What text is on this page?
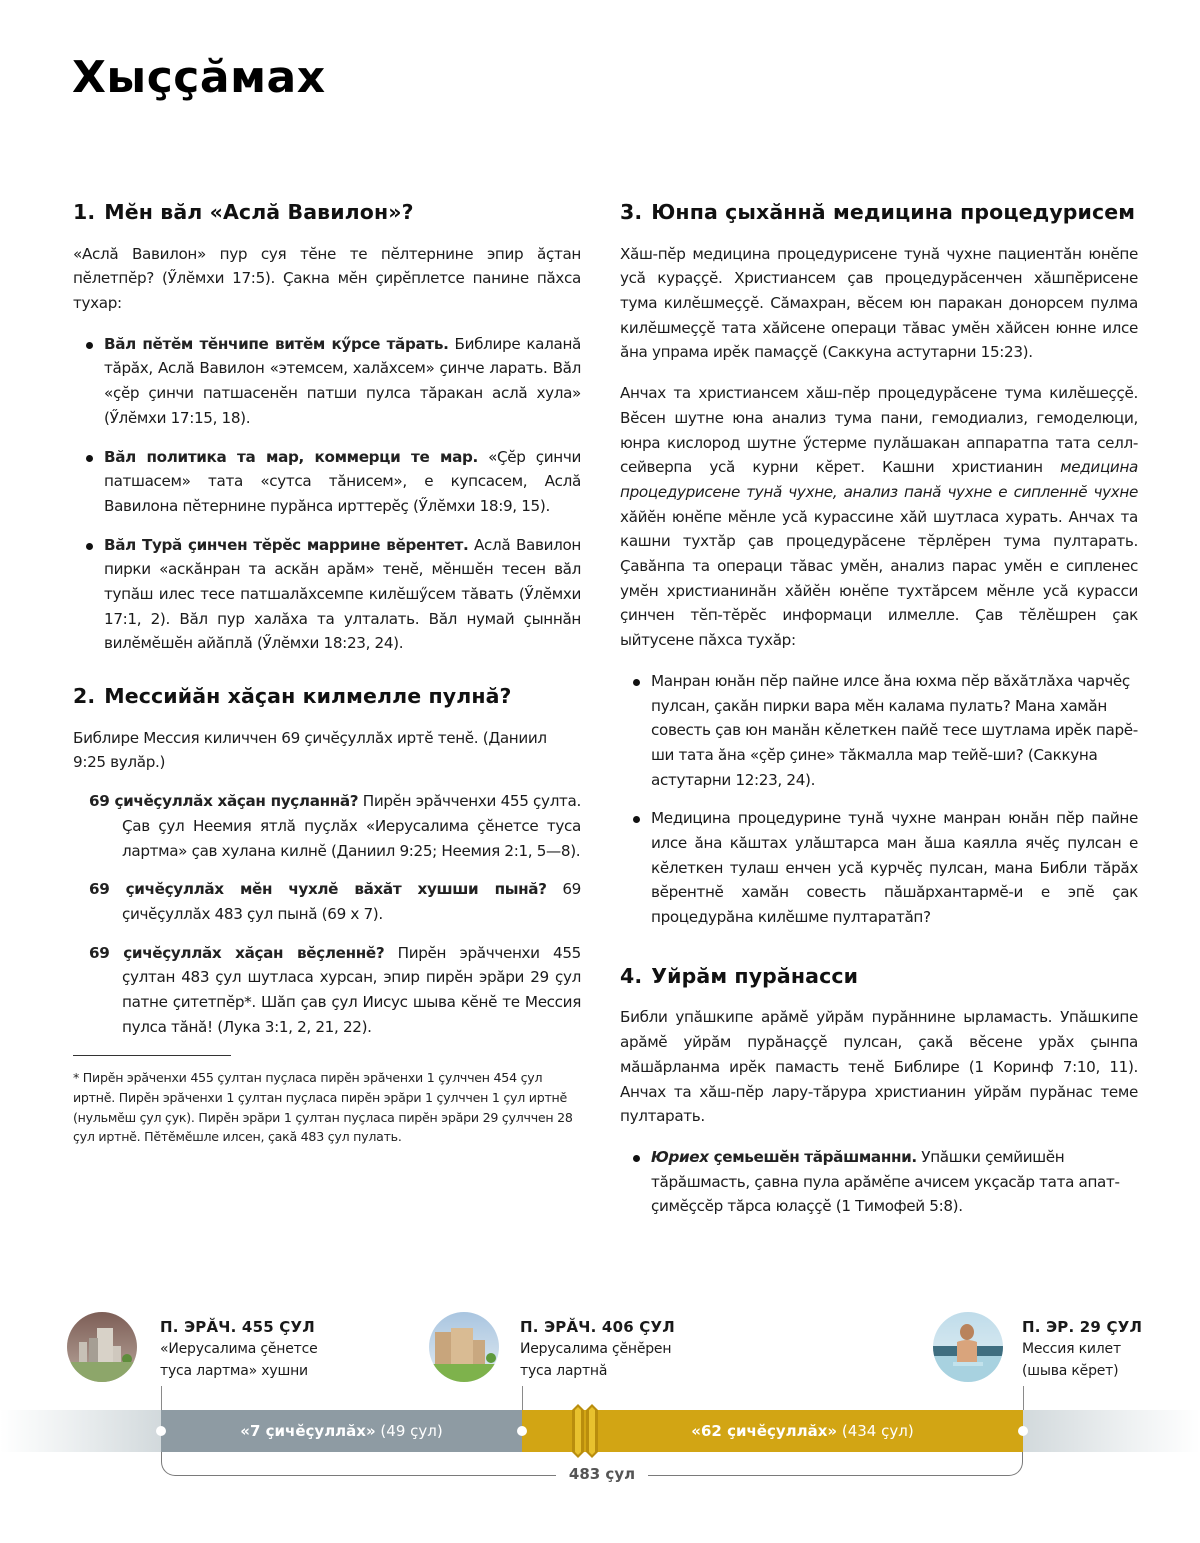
Хыҫҫӑмах
1. Мӗн вӑл «Аслӑ Вавилон»?

«Аслӑ Вавилон» пур суя тӗне те пӗлтернине эпир ӑҫтан пӗлетпӗр? (Ӳлӗмхи 17:5). Ҫакна мӗн ҫирӗплетсе панине пӑхса тухар:

Вӑл пӗтӗм тӗнчипе витӗм кӳрсе тӑрать. Библире каланӑ тӑрӑх, Аслӑ Вавилон «этемсем, халӑхсем» ҫинче ларать. Вӑл «ҫӗр ҫинчи патшасенӗн патши пулса тӑракан аслӑ хула» (Ӳлӗмхи 17:15, 18).
Вӑл политика та мар, коммерци те мар. «Ҫӗр ҫинчи патшасем» тата «сутса тӑнисем», е купсасем, Аслӑ Вавилона пӗтернине пурӑнса ирттерӗҫ (Ӳлӗмхи 18:9, 15).
Вӑл Турӑ ҫинчен тӗрӗс маррине вӗрентет. Аслӑ Вавилон пирки «аскӑнран та аскӑн арӑм» тенӗ, мӗншӗн тесен вӑл тупӑш илес тесе патшалӑхсемпе килӗшӳсем тӑвать (Ӳлӗмхи 17:1, 2). Вӑл пур халӑха та улталать. Вӑл нумай ҫыннӑн вилӗмӗшӗн айӑплӑ (Ӳлӗмхи 18:23, 24).
2. Мессийӑн хӑҫан килмелле пулнӑ?

Библире Мессия киличчен 69 ҫичӗҫуллӑх иртӗ тенӗ. (Даниил 9:25 вулӑр.)

69 ҫичӗҫуллӑх хӑҫан пуҫланнӑ? Пирӗн эрӑчченхи 455 ҫулта. Ҫав ҫул Неемия ятлӑ пуҫлӑх «Иерусалима ҫӗнетсе туса лартма» ҫав хулана килнӗ (Даниил 9:25; Неемия 2:1, 5—8).
69 ҫичӗҫуллӑх мӗн чухлӗ вӑхӑт хушши пынӑ? 69 ҫичӗҫуллӑх 483 ҫул пынӑ (69 x 7).
69 ҫичӗҫуллӑх хӑҫан вӗҫленнӗ? Пирӗн эрӑчченхи 455 ҫултан 483 ҫул шутласа хурсан, эпир пирӗн эрӑри 29 ҫул патне ҫитетпӗр*. Шӑп ҫав ҫул Иисус шыва кӗнӗ те Мессия пулса тӑнӑ! (Лука 3:1, 2, 21, 22).

* Пирӗн эрӑченхи 455 ҫултан пуҫласа пирӗн эрӑченхи 1 ҫулччен 454 ҫул иртнӗ. Пирӗн эрӑченхи 1 ҫултан пуҫласа пирӗн эрӑри 1 ҫулччен 1 ҫул иртнӗ (нульмӗш ҫул ҫук). Пирӗн эрӑри 1 ҫултан пуҫласа пирӗн эрӑри 29 ҫулччен 28 ҫул иртнӗ. Пӗтӗмӗшле илсен, ҫакӑ 483 ҫул пулать.

3. Юнпа ҫыхӑннӑ медицина процедурисем

Хӑш-пӗр медицина процедурисене тунӑ чухне пациентӑн юнӗпе усӑ кураҫҫӗ. Христиансем ҫав процедурӑсенчен хӑшпӗрисене тума килӗшмеҫҫӗ. Сӑмахран, вӗсем юн паракан донорсем пулма килӗшмеҫҫӗ тата хӑйсене операци тӑвас умӗн хӑйсен юнне илсе ӑна упрама ирӗк памаҫҫӗ (Саккуна астутарни 15:23).

Анчах та христиансем хӑш-пӗр процедурӑсене тума килӗшеҫҫӗ. Вӗсен шутне юна анализ тума пани, гемодиализ, гемоделюци, юнра кислород шутне ӳстерме пулӑшакан аппаратпа тата селл-сейверпа усӑ курни кӗрет. Кашни христианин медицина процедурисене тунӑ чухне, анализ панӑ чухне е сипленнӗ чухне хӑйӗн юнӗпе мӗнле усӑ курассине хӑй шутласа хурать. Анчах та кашни тухтӑр ҫав процедурӑсене тӗрлӗрен тума пултарать. Ҫавӑнпа та операци тӑвас умӗн, анализ парас умӗн е сипленес умӗн христианинӑн хӑйӗн юнӗпе тухтӑрсем мӗнле усӑ курасси ҫинчен тӗп-тӗрӗс информаци илмелле. Ҫав тӗлӗшрен ҫак ыйтусене пӑхса тухӑр:

Манран юнӑн пӗр пайне илсе ӑна юхма пӗр вӑхӑтлӑха чарчӗҫ пулсан, ҫакӑн пирки вара мӗн калама пулать? Мана хамӑн совесть ҫав юн манӑн кӗлеткен пайӗ тесе шутлама ирӗк парӗ-ши тата ӑна «ҫӗр ҫине» тӑкмалла мар тейӗ-ши? (Саккуна астутарни 12:23, 24).
Медицина процедурине тунӑ чухне манран юнӑн пӗр пайне илсе ӑна кӑштах улӑштарса ман ӑша каялла ячӗҫ пулсан е кӗлеткен тулаш енчен усӑ курчӗҫ пулсан, мана Библи тӑрӑх вӗрентнӗ хамӑн совесть пӑшӑрхантармӗ-и е эпӗ ҫак процедурӑна килӗшме пултаратӑп?
4. Уйрӑм пурӑнасси

Библи упӑшкипе арӑмӗ уйрӑм пурӑннине ырламасть. Упӑшкипе арӑмӗ уйрӑм пурӑнаҫҫӗ пулсан, ҫакӑ вӗсене урӑх ҫынпа мӑшӑрланма ирӗк памасть тенӗ Библире (1 Коринф 7:10, 11). Анчах та хӑш-пӗр лару-тӑрура христианин уйрӑм пурӑнас теме пултарать.

Юриех ҫемьешӗн тӑрӑшманни. Упӑшки ҫемйишӗн тӑрӑшмасть, ҫавна пула арӑмӗпе ачисем укҫасӑр тата апат-ҫимӗҫсӗр тӑрса юлаҫҫӗ (1 Тимофей 5:8).
П. ЭРӐЧ. 455 ҪУЛ
«Иерусалима ҫӗнетсе
туса лартма» хушни
П. ЭРӐЧ. 406 ҪУЛ
Иерусалима ҫӗнӗрен
туса лартнӑ
П. ЭР. 29 ҪУЛ
Мессия килет
(шыва кӗрет)
«7 ҫичӗҫуллӑх» (49 ҫул)	«62 ҫичӗҫуллӑх» (434 ҫул)
483 ҫул
